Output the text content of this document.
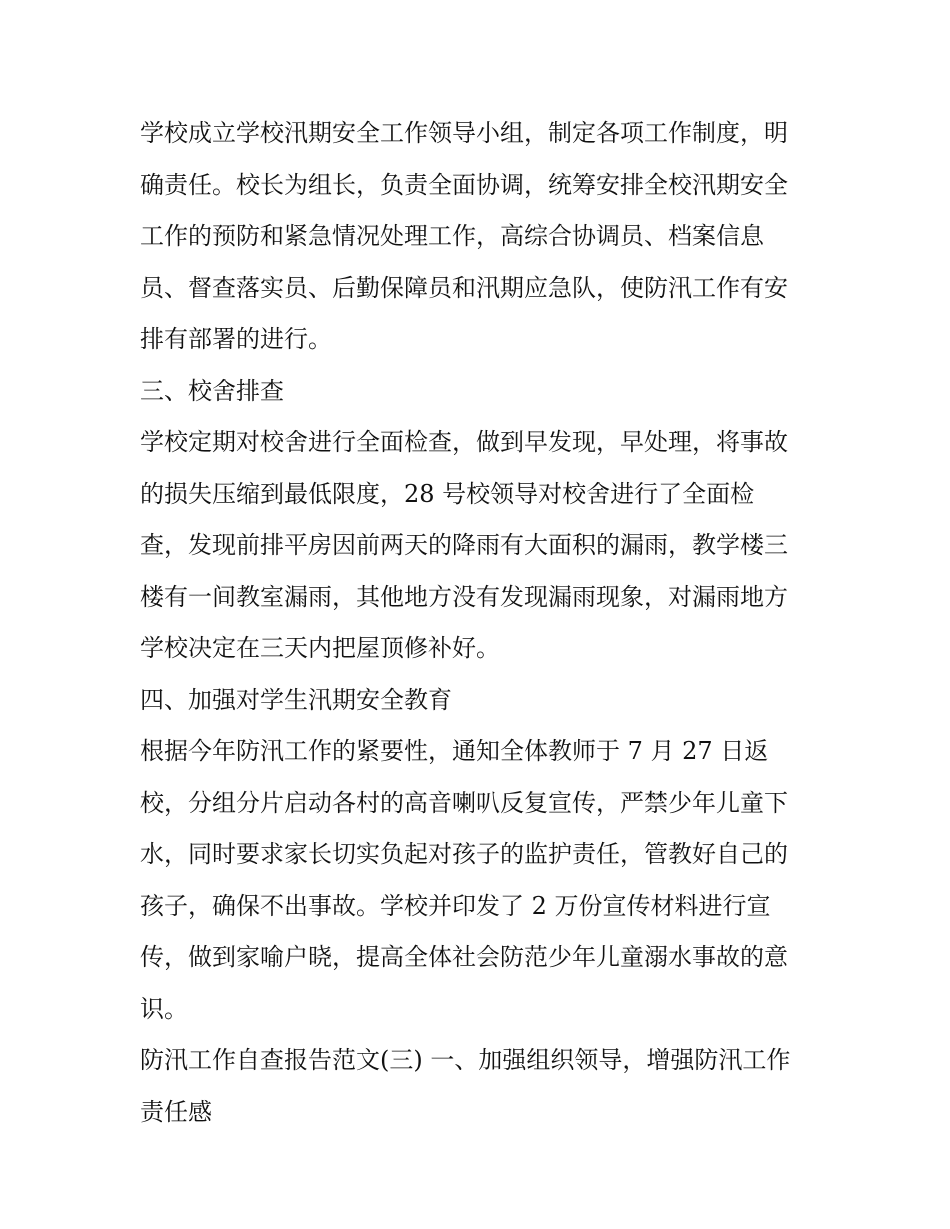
学校成立学校汛期安全工作领导小组，制定各项工作制度，明
确责任。校长为组长，负责全面协调，统筹安排全校汛期安全
工作的预防和紧急情况处理工作，高综合协调员、档案信息
员、督查落实员、后勤保障员和汛期应急队，使防汛工作有安
排有部署的进行。
三、校舍排查
学校定期对校舍进行全面检查，做到早发现，早处理，将事故
的损失压缩到最低限度，28 号校领导对校舍进行了全面检
查，发现前排平房因前两天的降雨有大面积的漏雨，教学楼三
楼有一间教室漏雨，其他地方没有发现漏雨现象，对漏雨地方
学校决定在三天内把屋顶修补好。
四、加强对学生汛期安全教育
根据今年防汛工作的紧要性，通知全体教师于 7 月 27 日返
校，分组分片启动各村的高音喇叭反复宣传，严禁少年儿童下
水，同时要求家长切实负起对孩子的监护责任，管教好自己的
孩子，确保不出事故。学校并印发了 2 万份宣传材料进行宣
传，做到家喻户晓，提高全体社会防范少年儿童溺水事故的意
识。
防汛工作自查报告范文(三) 一、加强组织领导，增强防汛工作
责任感
